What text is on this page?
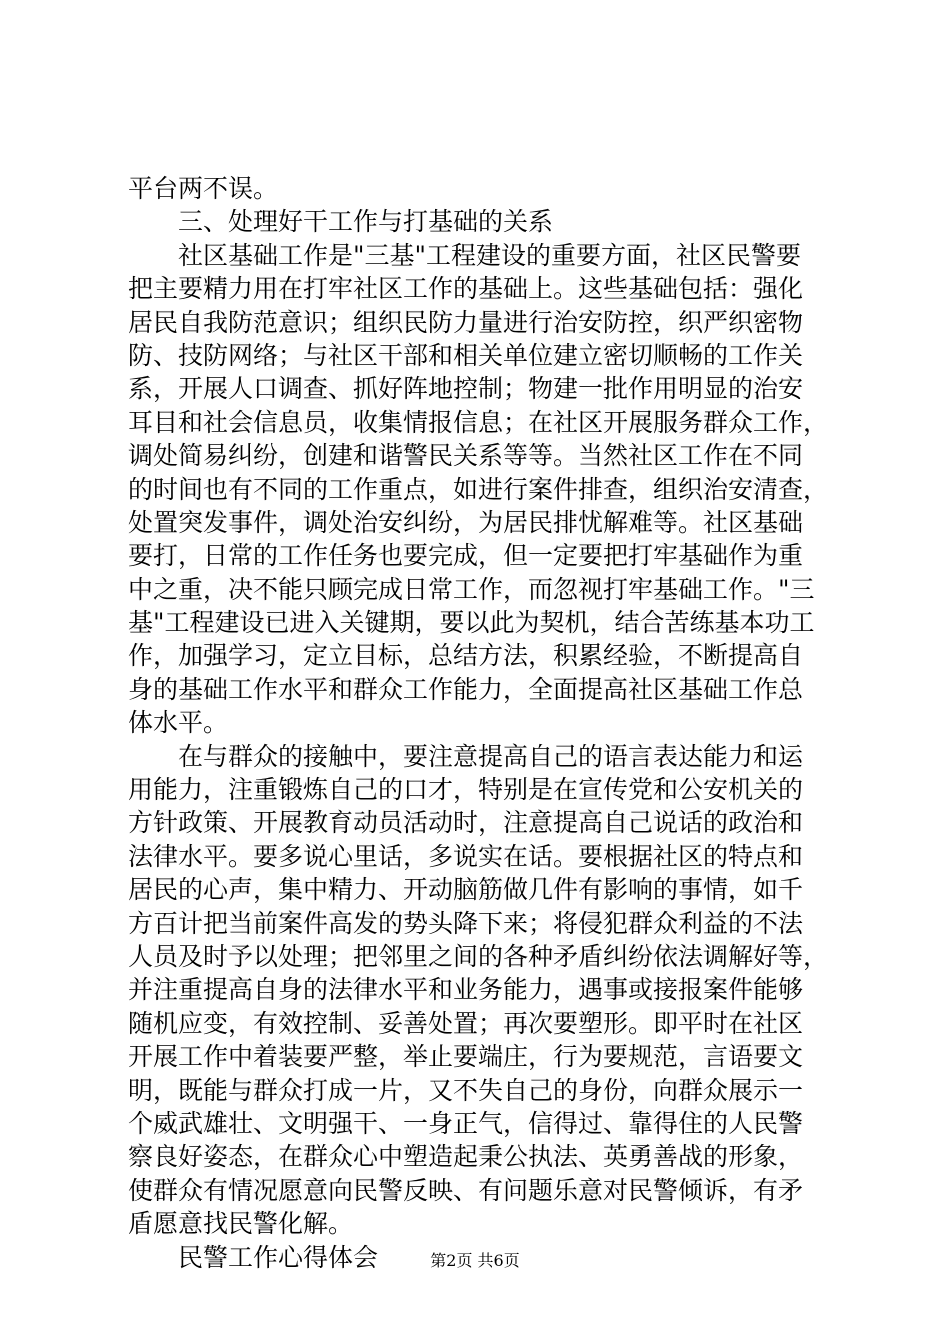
平台两不误。
三、处理好干工作与打基础的关系
社区基础工作是"三基"工程建设的重要方面，社区民警要
把主要精力用在打牢社区工作的基础上。这些基础包括：强化
居民自我防范意识；组织民防力量进行治安防控，织严织密物
防、技防网络；与社区干部和相关单位建立密切顺畅的工作关
系，开展人口调查、抓好阵地控制；物建一批作用明显的治安
耳目和社会信息员，收集情报信息；在社区开展服务群众工作，
调处简易纠纷，创建和谐警民关系等等。当然社区工作在不同
的时间也有不同的工作重点，如进行案件排查，组织治安清查，
处置突发事件，调处治安纠纷，为居民排忧解难等。社区基础
要打，日常的工作任务也要完成，但一定要把打牢基础作为重
中之重，决不能只顾完成日常工作，而忽视打牢基础工作。"三
基"工程建设已进入关键期，要以此为契机，结合苦练基本功工
作，加强学习，定立目标，总结方法，积累经验，不断提高自
身的基础工作水平和群众工作能力，全面提高社区基础工作总
体水平。
在与群众的接触中，要注意提高自己的语言表达能力和运
用能力，注重锻炼自己的口才，特别是在宣传党和公安机关的
方针政策、开展教育动员活动时，注意提高自己说话的政治和
法律水平。要多说心里话，多说实在话。要根据社区的特点和
居民的心声，集中精力、开动脑筋做几件有影响的事情，如千
方百计把当前案件高发的势头降下来；将侵犯群众利益的不法
人员及时予以处理；把邻里之间的各种矛盾纠纷依法调解好等，
并注重提高自身的法律水平和业务能力，遇事或接报案件能够
随机应变，有效控制、妥善处置；再次要塑形。即平时在社区
开展工作中着装要严整，举止要端庄，行为要规范，言语要文
明，既能与群众打成一片，又不失自己的身份，向群众展示一
个威武雄壮、文明强干、一身正气，信得过、靠得住的人民警
察良好姿态，在群众心中塑造起秉公执法、英勇善战的形象，
使群众有情况愿意向民警反映、有问题乐意对民警倾诉，有矛
盾愿意找民警化解。
民警工作心得体会	第2页 共6页
